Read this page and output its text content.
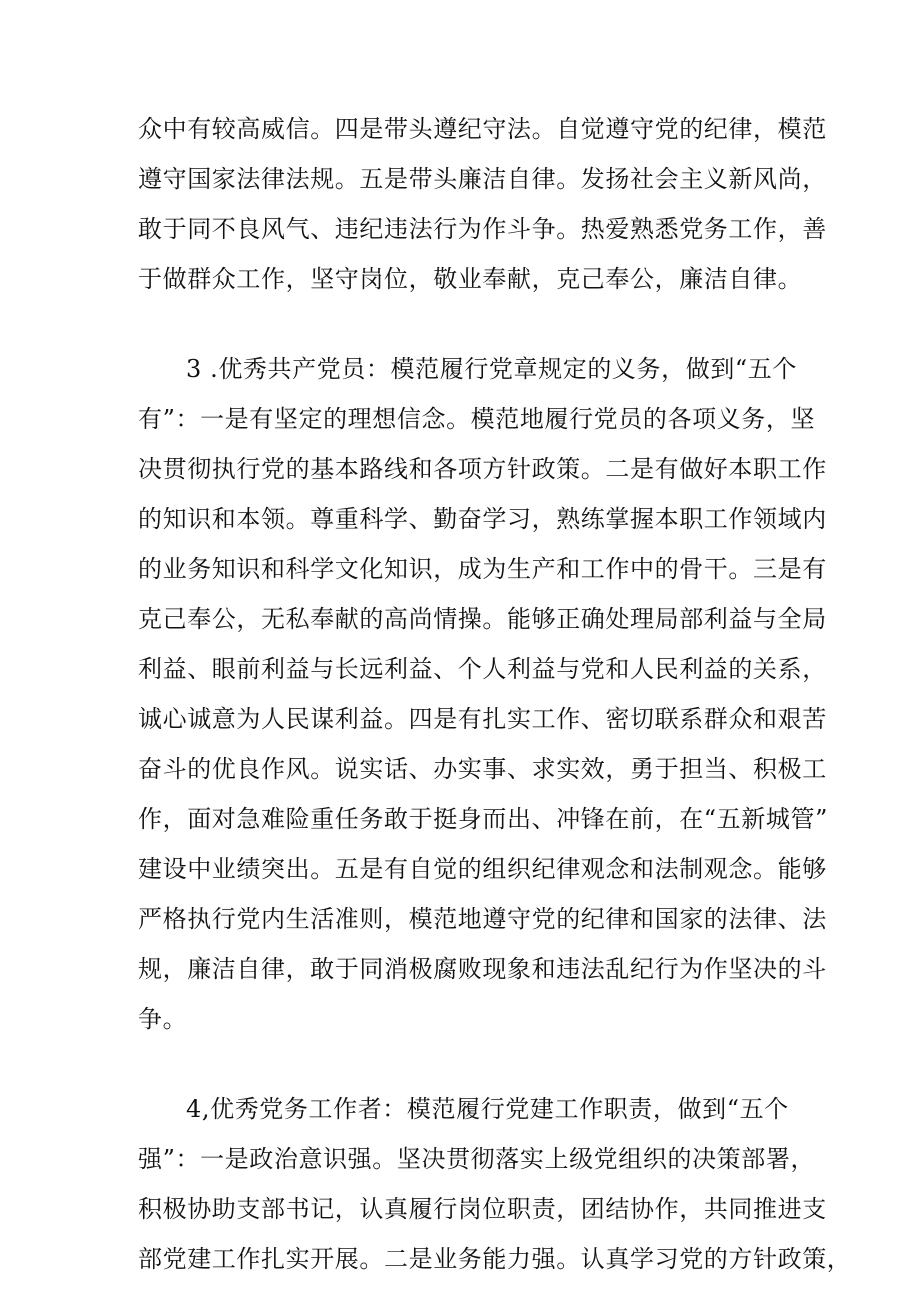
众中有较高威信。四是带头遵纪守法。自觉遵守党的纪律，模范
遵守国家法律法规。五是带头廉洁自律。发扬社会主义新风尚，
敢于同不良风气、违纪违法行为作斗争。热爱熟悉党务工作，善
于做群众工作，坚守岗位，敬业奉献，克己奉公，廉洁自律。
3 .优秀共产党员：模范履行党章规定的义务，做到“五个
有”：一是有坚定的理想信念。模范地履行党员的各项义务，坚
决贯彻执行党的基本路线和各项方针政策。二是有做好本职工作
的知识和本领。尊重科学、勤奋学习，熟练掌握本职工作领域内
的业务知识和科学文化知识，成为生产和工作中的骨干。三是有
克己奉公，无私奉献的高尚情操。能够正确处理局部利益与全局
利益、眼前利益与长远利益、个人利益与党和人民利益的关系，
诚心诚意为人民谋利益。四是有扎实工作、密切联系群众和艰苦
奋斗的优良作风。说实话、办实事、求实效，勇于担当、积极工
作，面对急难险重任务敢于挺身而出、冲锋在前，在“五新城管”
建设中业绩突出。五是有自觉的组织纪律观念和法制观念。能够
严格执行党内生活准则，模范地遵守党的纪律和国家的法律、法
规，廉洁自律，敢于同消极腐败现象和违法乱纪行为作坚决的斗
争。
4,优秀党务工作者：模范履行党建工作职责，做到“五个
强”：一是政治意识强。坚决贯彻落实上级党组织的决策部署，
积极协助支部书记，认真履行岗位职责，团结协作，共同推进支
部党建工作扎实开展。二是业务能力强。认真学习党的方针政策，
